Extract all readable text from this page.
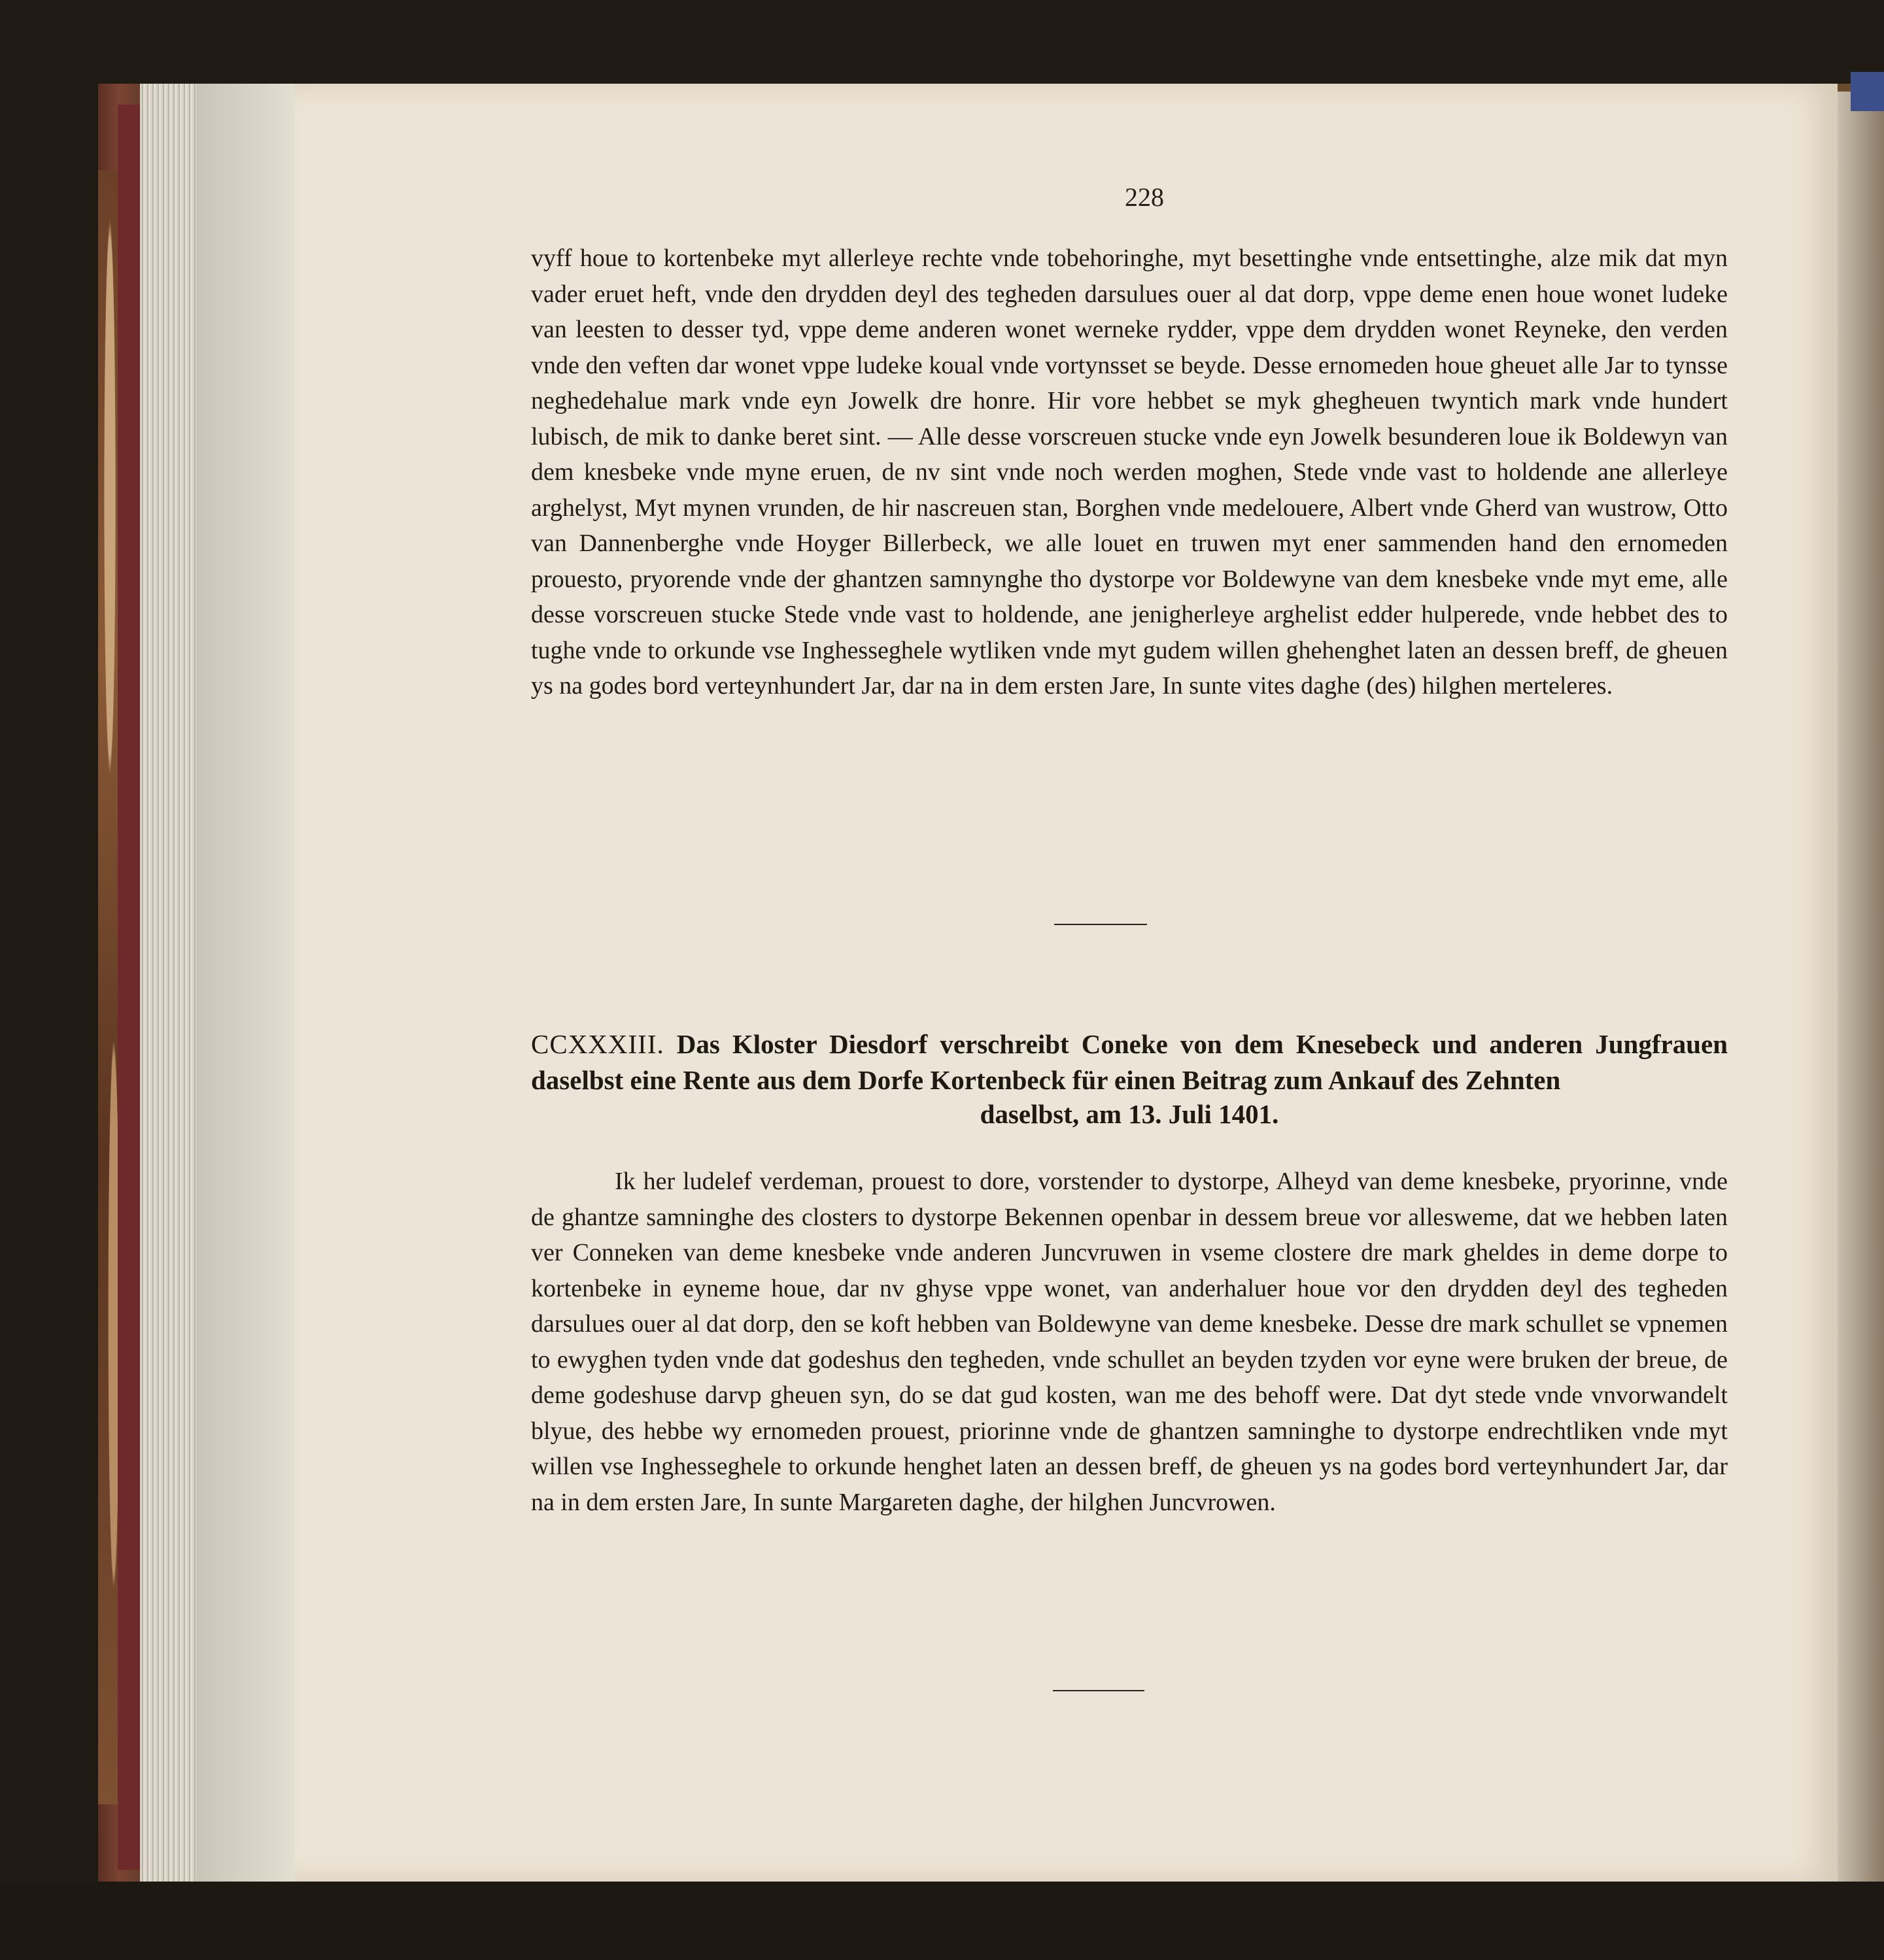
228

vyff houe to kortenbeke myt allerleye rechte vnde tobehoringhe, myt besettinghe vnde entsettinghe, alze mik dat myn vader eruet heft, vnde den drydden deyl des tegheden darsulues ouer al dat dorp, vppe deme enen houe wonet ludeke van leesten to desser tyd, vppe deme anderen wonet werneke rydder, vppe dem drydden wonet Reyneke, den verden vnde den veften dar wonet vppe ludeke koual vnde vortynsset se beyde. Desse ernomeden houe gheuet alle Jar to tynsse neghedehalue mark vnde eyn Jowelk dre honre. Hir vore hebbet se myk ghegheuen twyntich mark vnde hundert lubisch, de mik to danke beret sint. — Alle desse vorscreuen stucke vnde eyn Jowelk besunderen loue ik Boldewyn van dem knesbeke vnde myne eruen, de nv sint vnde noch werden moghen, Stede vnde vast to holdende ane allerleye arghelyst, Myt mynen vrunden, de hir nascreuen stan, Borghen vnde medelouere, Albert vnde Gherd van wustrow, Otto van Dannenberghe vnde Hoyger Billerbeck, we alle louet en truwen myt ener sammenden hand den ernomeden prouesto, pryorende vnde der ghantzen samnynghe tho dystorpe vor Boldewyne van dem knesbeke vnde myt eme, alle desse vorscreuen stucke Stede vnde vast to holdende, ane jenigherleye arghelist edder hulperede, vnde hebbet des to tughe vnde to orkunde vse Inghesseghele wytliken vnde myt gudem willen ghehenghet laten an dessen breff, de gheuen ys na godes bord verteynhundert Jar, dar na in dem ersten Jare, In sunte vites daghe (des) hilghen merteleres.

CCXXXIII. Das Kloster Diesdorf verschreibt Coneke von dem Knesebeck und anderen Jungfrauen daselbst eine Rente aus dem Dorfe Kortenbeck für einen Beitrag zum Ankauf des Zehnten
daselbst, am 13. Juli 1401.

Ik her ludelef verdeman, prouest to dore, vorstender to dystorpe, Alheyd van deme knesbeke, pryorinne, vnde de ghantze samninghe des closters to dystorpe Bekennen openbar in dessem breue vor allesweme, dat we hebben laten ver Conneken van deme knesbeke vnde anderen Juncvruwen in vseme clostere dre mark gheldes in deme dorpe to kortenbeke in eyneme houe, dar nv ghyse vppe wonet, van anderhaluer houe vor den drydden deyl des tegheden darsulues ouer al dat dorp, den se koft hebben van Boldewyne van deme knesbeke. Desse dre mark schullet se vpnemen to ewyghen tyden vnde dat godeshus den tegheden, vnde schullet an beyden tzyden vor eyne were bruken der breue, de deme godeshuse darvp gheuen syn, do se dat gud kosten, wan me des behoff were. Dat dyt stede vnde vnvorwandelt blyue, des hebbe wy ernomeden prouest, priorinne vnde de ghantzen samninghe to dystorpe endrechtliken vnde myt willen vse Inghesseghele to orkunde henghet laten an dessen breff, de gheuen ys na godes bord verteynhundert Jar, dar na in dem ersten Jare, In sunte Margareten daghe, der hilghen Juncvrowen.
